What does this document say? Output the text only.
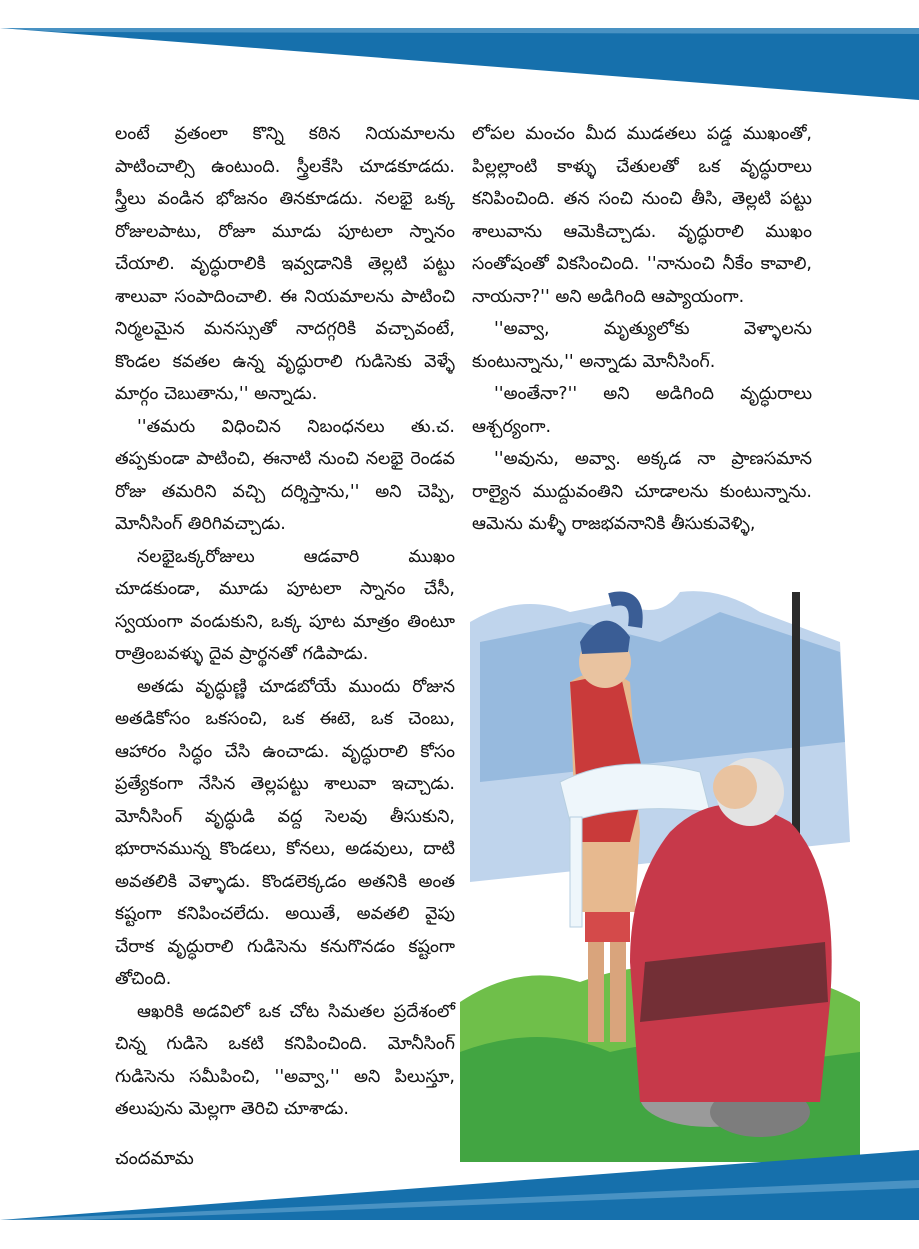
లంటే వ్రతంలా కొన్ని కఠిన నియమాలను పాటించాల్సి ఉంటుంది. స్త్రీలకేసి చూడకూడదు. స్త్రీలు వండిన భోజనం తినకూడదు. నలభై ఒక్క రోజులపాటు, రోజూ మూడు పూటలా స్నానం చేయాలి. వృద్ధురాలికి ఇవ్వడానికి తెల్లటి పట్టు శాలువా సంపాదించాలి. ఈ నియమాలను పాటించి నిర్మలమైన మనస్సుతో నాదగ్గరికి వచ్చావంటే, కొండల కవతల ఉన్న వృద్ధురాలి గుడిసెకు వెళ్ళే మార్గం చెబుతాను,'' అన్నాడు.

''తమరు విధించిన నిబంధనలు తు.చ. తప్పకుండా పాటించి, ఈనాటి నుంచి నలభై రెండవ రోజు తమరిని వచ్చి దర్శిస్తాను,'' అని చెప్పి, మోనీసింగ్ తిరిగివచ్చాడు.

నలభైఒక్కరోజులు ఆడవారి ముఖం చూడకుండా, మూడు పూటలా స్నానం చేసీ, స్వయంగా వండుకుని, ఒక్క పూట మాత్రం తింటూ రాత్రింబవళ్ళు దైవ ప్రార్థనతో గడిపాడు.

అతడు వృద్ధుణ్ణి చూడబోయే ముందు రోజున అతడికోసం ఒకసంచి, ఒక ఈటె, ఒక చెంబు, ఆహారం సిద్ధం చేసి ఉంచాడు. వృద్ధురాలి కోసం ప్రత్యేకంగా నేసిన తెల్లపట్టు శాలువా ఇచ్చాడు. మోనీసింగ్ వృద్ధుడి వద్ద సెలవు తీసుకుని, భూరానమున్న కొండలు, కోనలు, అడవులు, దాటి అవతలికి వెళ్ళాడు. కొండలెక్కడం అతనికి అంత కష్టంగా కనిపించలేదు. అయితే, అవతలి వైపు చేరాక వృద్ధురాలి గుడిసెను కనుగొనడం కష్టంగా తోచింది.

ఆఖరికి అడవిలో ఒక చోట సిమతల ప్రదేశంలో చిన్న గుడిసె ఒకటి కనిపించింది. మోనీసింగ్ గుడిసెను సమీపించి, ''అవ్వా,'' అని పిలుస్తూ, తలుపును మెల్లగా తెరిచి చూశాడు.

లోపల మంచం మీద ముడతలు పడ్డ ముఖంతో, పిల్లల్లాంటి కాళ్ళు చేతులతో ఒక వృద్ధురాలు కనిపించింది. తన సంచి నుంచి తీసి, తెల్లటి పట్టు శాలువాను ఆమెకిచ్చాడు. వృద్ధురాలి ముఖం సంతోషంతో వికసించింది. ''నానుంచి నీకేం కావాలి, నాయనా?'' అని అడిగింది ఆప్యాయంగా.

''అవ్వా, మృత్యులోకు వెళ్ళాలను కుంటున్నాను,'' అన్నాడు మోనీసింగ్.

''అంతేనా?'' అని అడిగింది వృద్ధురాలు ఆశ్చర్యంగా.

''అవును, అవ్వా. అక్కడ నా ప్రాణసమాన రాల్యైన ముద్దువంతిని చూడాలను కుంటున్నాను. ఆమెను మళ్ళీ రాజభవనానికి తీసుకువెళ్ళి,

చందమామ
